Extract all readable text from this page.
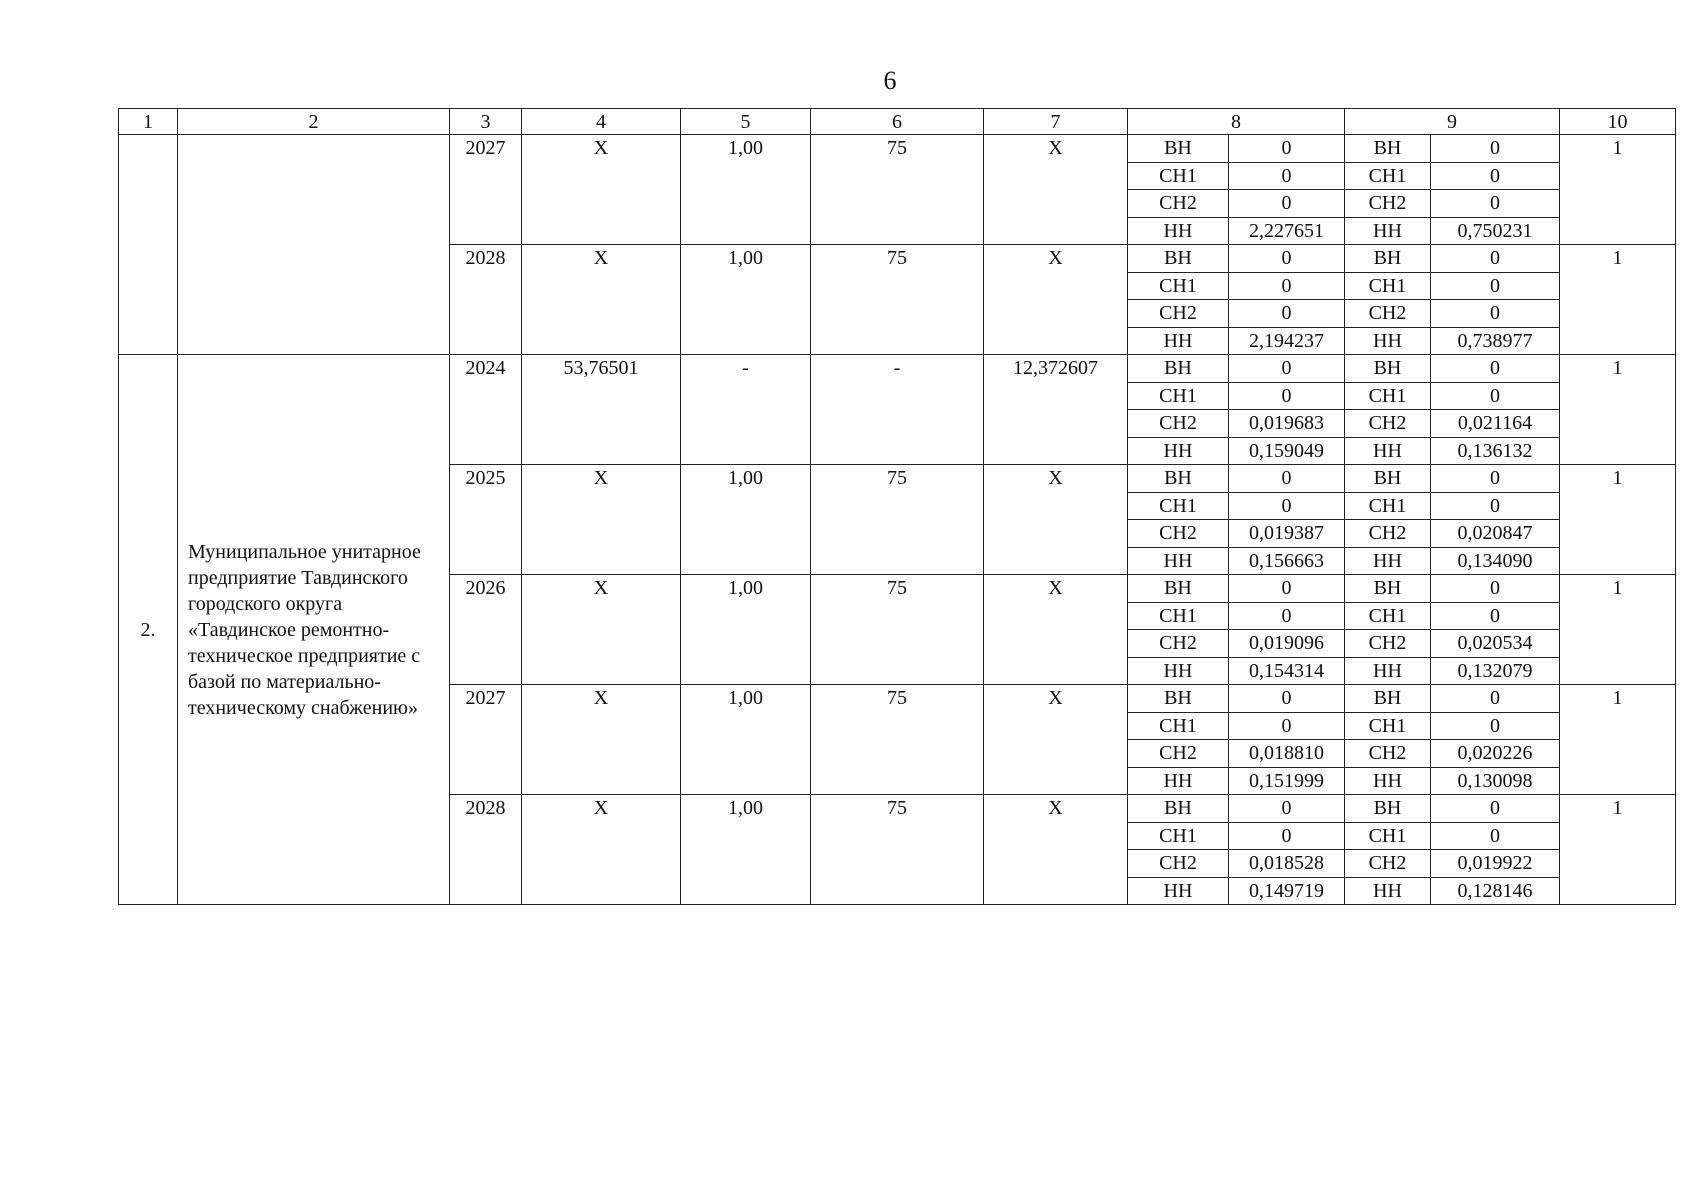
6
1	2	3	4	5	6	7	8		9		10
		2027	Х	1,00	75	Х	ВН	0	ВН	0	1
							СН1	0	СН1	0	
							СН2	0	СН2	0	
							НН	2,227651	НН	0,750231	
		2028	Х	1,00	75	Х	ВН	0	ВН	0	1
							СН1	0	СН1	0	
							СН2	0	СН2	0	
							НН	2,194237	НН	0,738977	
2.	Муниципальное унитарное предприятие Тавдинского городского округа «Тавдинское ремонтно-техническое предприятие с базой по материально-техническому снабжению»	2024	53,76501	-	-	12,372607	ВН	0	ВН	0	1
							СН1	0	СН1	0	
							СН2	0,019683	СН2	0,021164	
							НН	0,159049	НН	0,136132	
		2025	Х	1,00	75	Х	ВН	0	ВН	0	1
							СН1	0	СН1	0	
							СН2	0,019387	СН2	0,020847	
							НН	0,156663	НН	0,134090	
		2026	Х	1,00	75	Х	ВН	0	ВН	0	1
							СН1	0	СН1	0	
							СН2	0,019096	СН2	0,020534	
							НН	0,154314	НН	0,132079	
		2027	Х	1,00	75	Х	ВН	0	ВН	0	1
							СН1	0	СН1	0	
							СН2	0,018810	СН2	0,020226	
							НН	0,151999	НН	0,130098	
		2028	Х	1,00	75	Х	ВН	0	ВН	0	1
							СН1	0	СН1	0	
							СН2	0,018528	СН2	0,019922	
							НН	0,149719	НН	0,128146	
